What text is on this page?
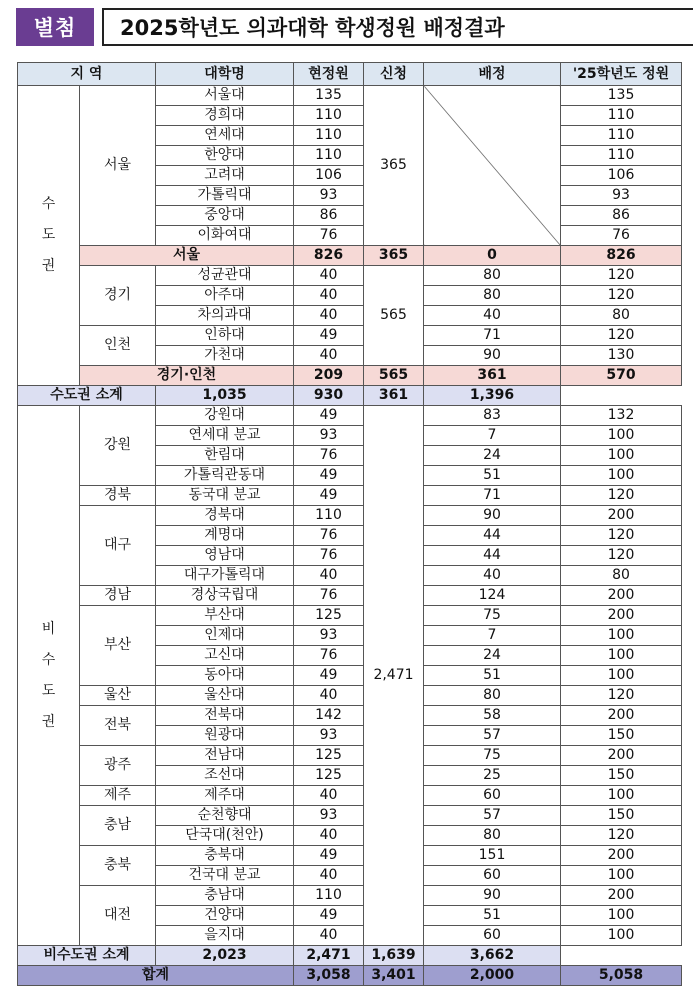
별첨	2025학년도 의과대학 학생정원 배정결과
지 역		대학명	현정원	신청	배정	'25학년도 정원
수도권	서울	서울대	135	365		135
		경희대	110			110
		연세대	110			110
		한양대	110			110
		고려대	106			106
		가톨릭대	93			93
		중앙대	86			86
		이화여대	76			76
	서울		826	365	0	826
	경기	성균관대	40	565	80	120
		아주대	40		80	120
		차의과대	40		40	80
	인천	인하대	49		71	120
		가천대	40		90	130
	경기·인천		209	565	361	570
수도권 소계		1,035	930	361	1,396	
비수도권	강원	강원대	49	2,471	83	132
		연세대 분교	93		7	100
		한림대	76		24	100
		가톨릭관동대	49		51	100
	경북	동국대 분교	49		71	120
	대구	경북대	110		90	200
		계명대	76		44	120
		영남대	76		44	120
		대구가톨릭대	40		40	80
	경남	경상국립대	76		124	200
	부산	부산대	125		75	200
		인제대	93		7	100
		고신대	76		24	100
		동아대	49		51	100
	울산	울산대	40		80	120
	전북	전북대	142		58	200
		원광대	93		57	150
	광주	전남대	125		75	200
		조선대	125		25	150
	제주	제주대	40		60	100
	충남	순천향대	93		57	150
		단국대(천안)	40		80	120
	충북	충북대	49		151	200
		건국대 분교	40		60	100
	대전	충남대	110		90	200
		건양대	49		51	100
		을지대	40		60	100
비수도권 소계		2,023	2,471	1,639	3,662	
합계			3,058	3,401	2,000	5,058
